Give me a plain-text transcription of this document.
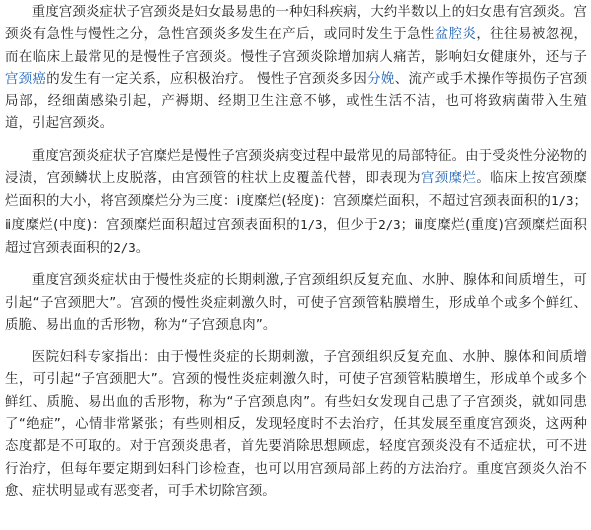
重度宫颈炎症状子宫颈炎是妇女最易患的一种妇科疾病，大约半数以上的妇女患有宫颈炎。宫颈炎有急性与慢性之分，急性宫颈炎多发生在产后，或同时发生于急性盆腔炎，往往易被忽视，而在临床上最常见的是慢性子宫颈炎。慢性子宫颈炎除增加病人痛苦，影响妇女健康外，还与子宫颈癌的发生有一定关系，应积极治疗。 慢性子宫颈炎多因分娩、流产或手术操作等损伤子宫颈局部，经细菌感染引起，产褥期、经期卫生注意不够，或性生活不洁，也可将致病菌带入生殖道，引起宫颈炎。

重度宫颈炎症状子宫糜烂是慢性子宫颈炎病变过程中最常见的局部特征。由于受炎性分泌物的浸渍，宫颈鳞状上皮脱落，由宫颈管的柱状上皮覆盖代替，即表现为宫颈糜烂。临床上按宫颈糜烂面积的大小，将宫颈糜烂分为三度：ⅰ度糜烂(轻度)：宫颈糜烂面积，不超过宫颈表面积的1/3；ⅱ度糜烂(中度)：宫颈糜烂面积超过宫颈表面积的1/3，但少于2/3；ⅲ度糜烂(重度)宫颈糜烂面积超过宫颈表面积的2/3。

重度宫颈炎症状由于慢性炎症的长期刺激,子宫颈组织反复充血、水肿、腺体和间质增生，可引起“子宫颈肥大”。宫颈的慢性炎症刺激久时，可使子宫颈管粘膜增生，形成单个或多个鲜红、质脆、易出血的舌形物，称为“子宫颈息肉”。

医院妇科专家指出：由于慢性炎症的长期刺激，子宫颈组织反复充血、水肿、腺体和间质增生，可引起“子宫颈肥大”。宫颈的慢性炎症刺激久时，可使子宫颈管粘膜增生，形成单个或多个鲜红、质脆、易出血的舌形物，称为“子宫颈息肉”。有些妇女发现自己患了子宫颈炎，就如同患了“绝症”，心情非常紧张；有些则相反，发现轻度时不去治疗，任其发展至重度宫颈炎，这两种态度都是不可取的。对于宫颈炎患者，首先要消除思想顾虑，轻度宫颈炎没有不适症状，可不进行治疗，但每年要定期到妇科门诊检查，也可以用宫颈局部上药的方法治疗。重度宫颈炎久治不愈、症状明显或有恶变者，可手术切除宫颈。
